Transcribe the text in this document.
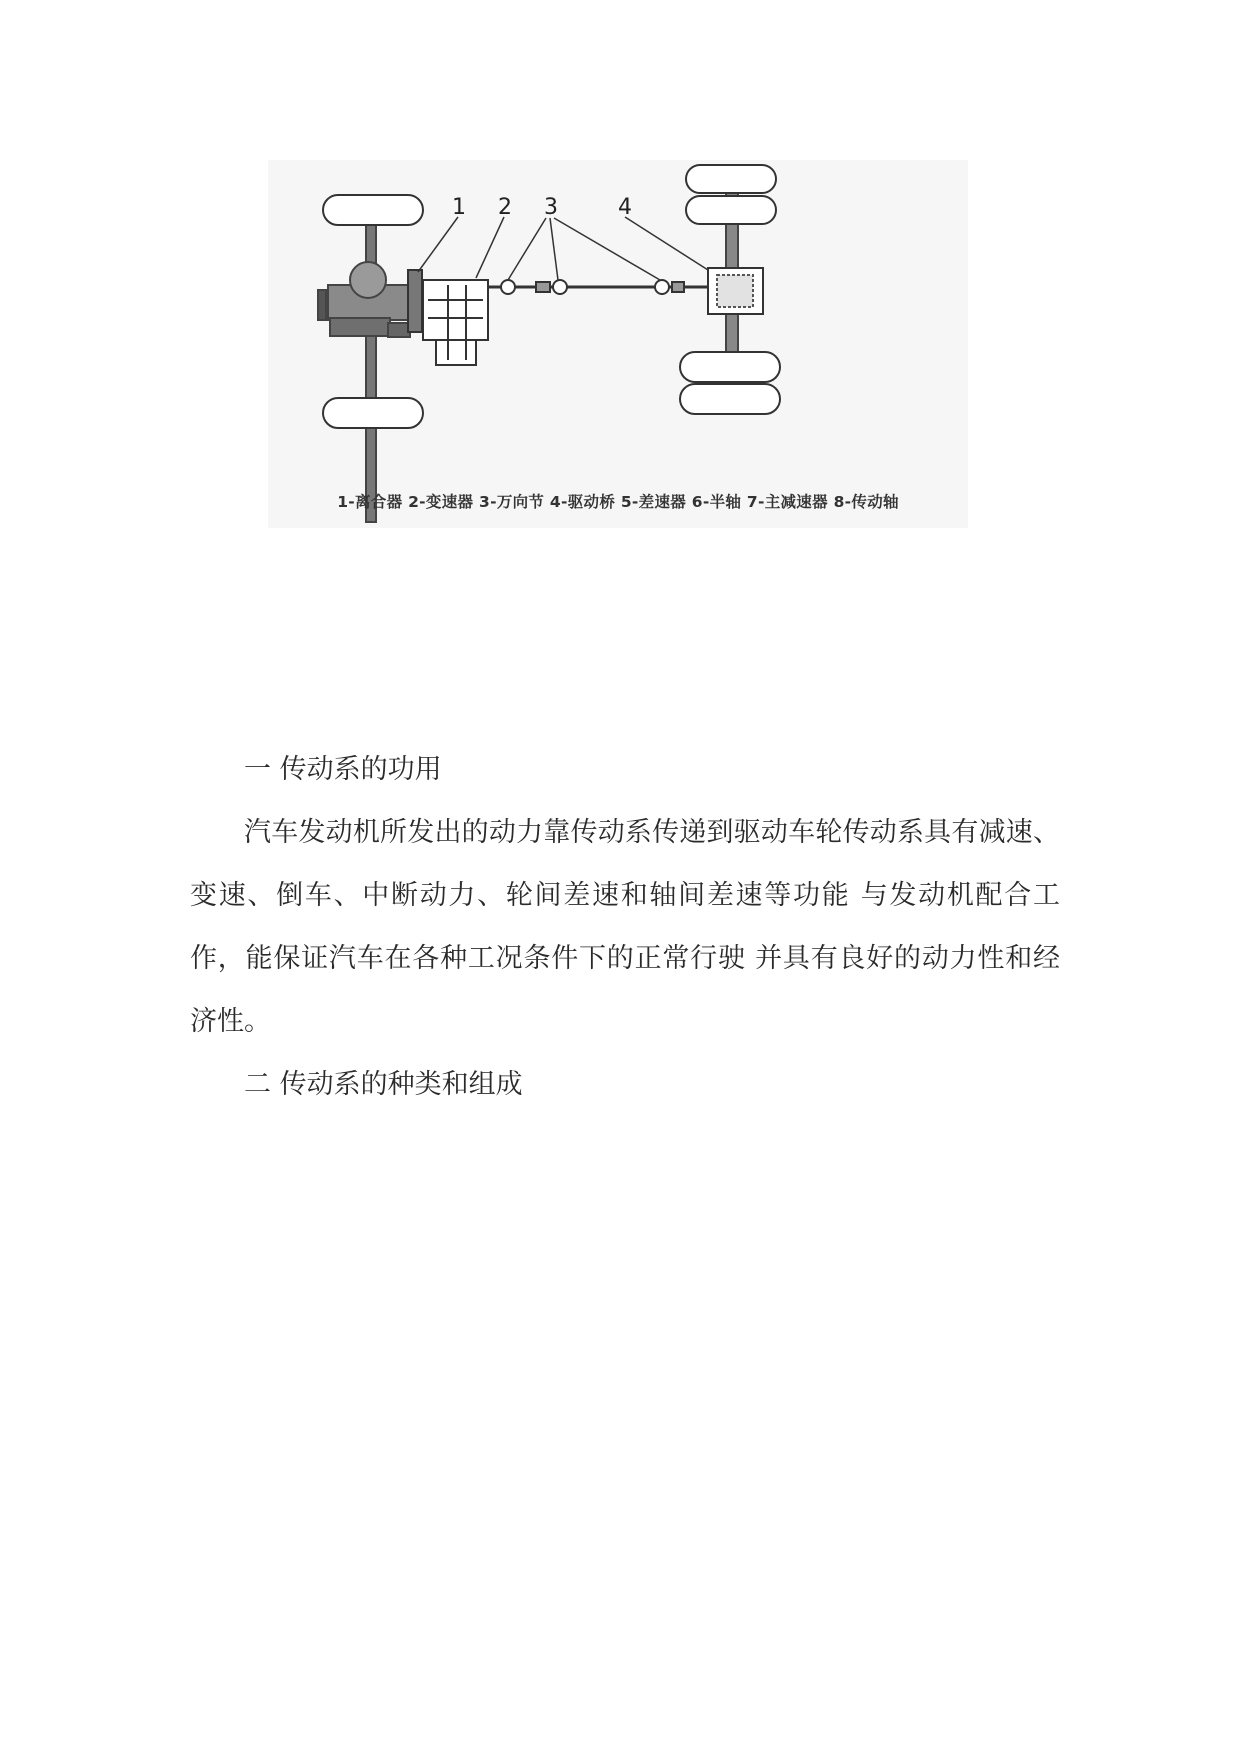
1 2 3	4
1-离合器 2-变速器 3-万向节 4-驱动桥 5-差速器 6-半轴 7-主减速器 8-传动轴
一 传动系的功用
汽车发动机所发出的动力靠传动系传递到驱动车轮传动系具有减速、变速、倒车、中断动力、轮间差速和轴间差速等功能 与发动机配合工作，能保证汽车在各种工况条件下的正常行驶 并具有良好的动力性和经济性。
二 传动系的种类和组成
